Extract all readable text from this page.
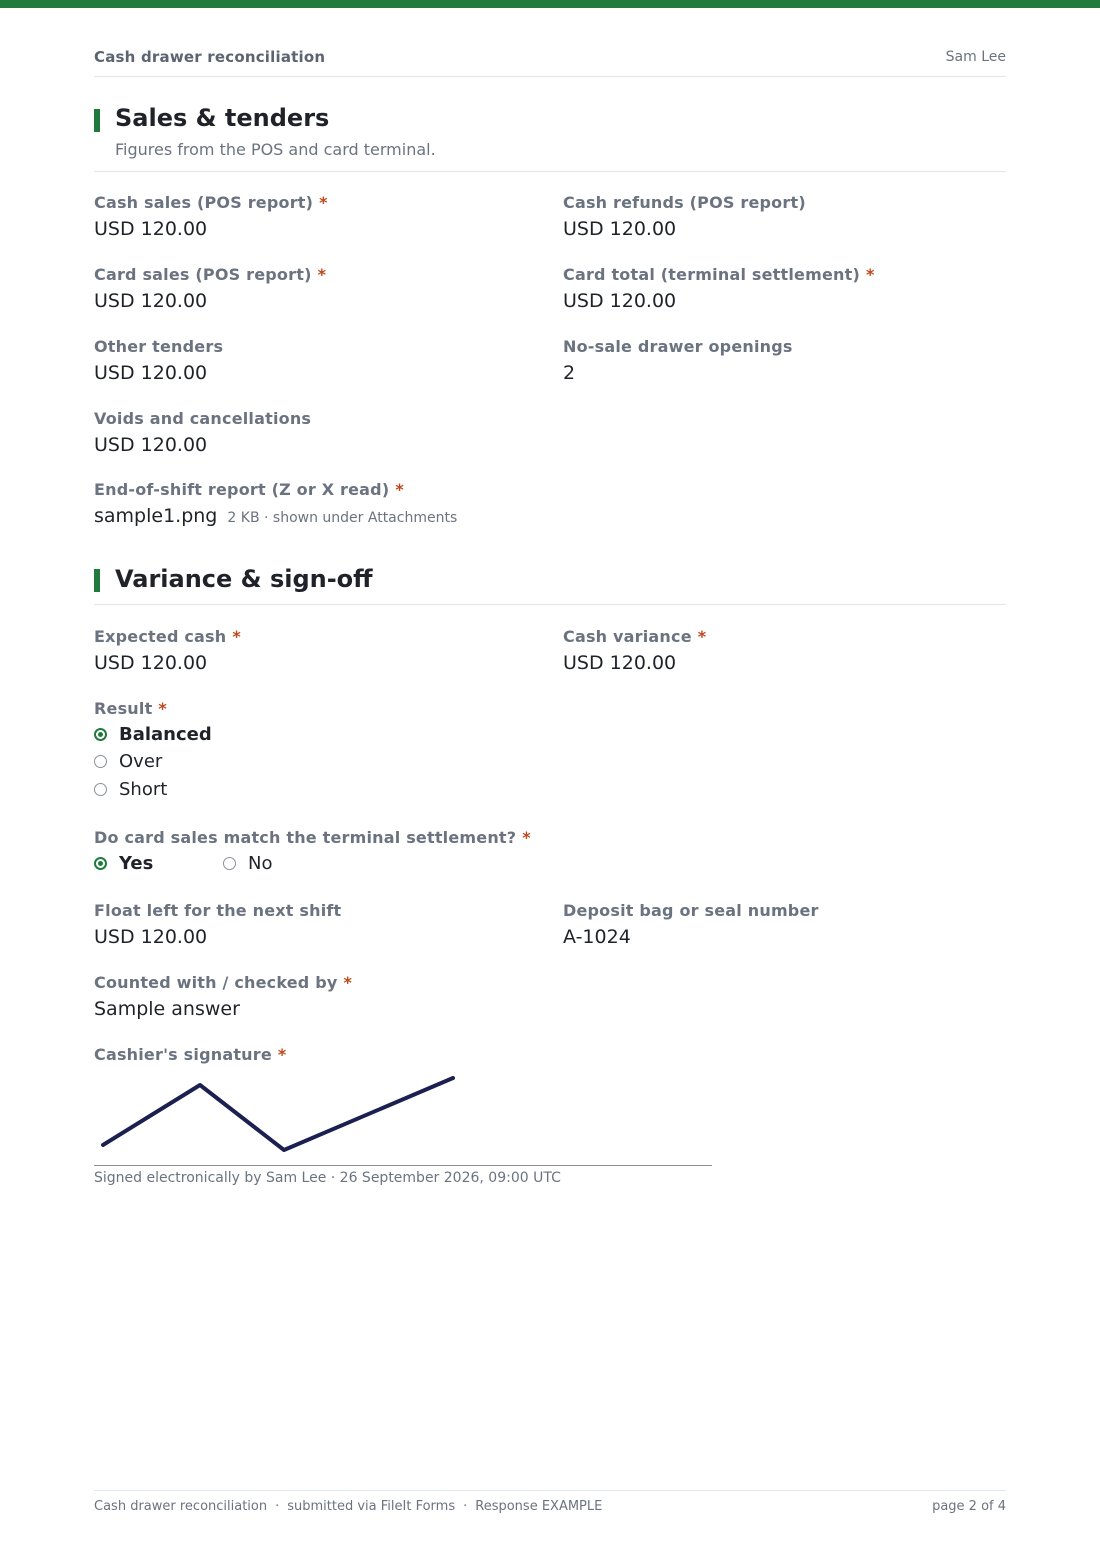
Cash drawer reconciliation	Sam Lee
Sales & tenders
Figures from the POS and card terminal.
Cash sales (POS report) *
USD 120.00
Cash refunds (POS report)
USD 120.00
Card sales (POS report) *
USD 120.00
Card total (terminal settlement) *
USD 120.00
Other tenders
USD 120.00
No-sale drawer openings
2
Voids and cancellations
USD 120.00
End-of-shift report (Z or X read) *
sample1.png 2 KB · shown under Attachments
Variance & sign-off
Expected cash *
USD 120.00
Cash variance *
USD 120.00
Result *
Balanced
Over
Short
Do card sales match the terminal settlement? *
Yes	No
Float left for the next shift
USD 120.00
Deposit bag or seal number
A-1024
Counted with / checked by *
Sample answer
Cashier's signature *
Signed electronically by Sam Lee · 26 September 2026, 09:00 UTC
Cash drawer reconciliation · submitted via FileIt Forms · Response EXAMPLE	page 2 of 4
